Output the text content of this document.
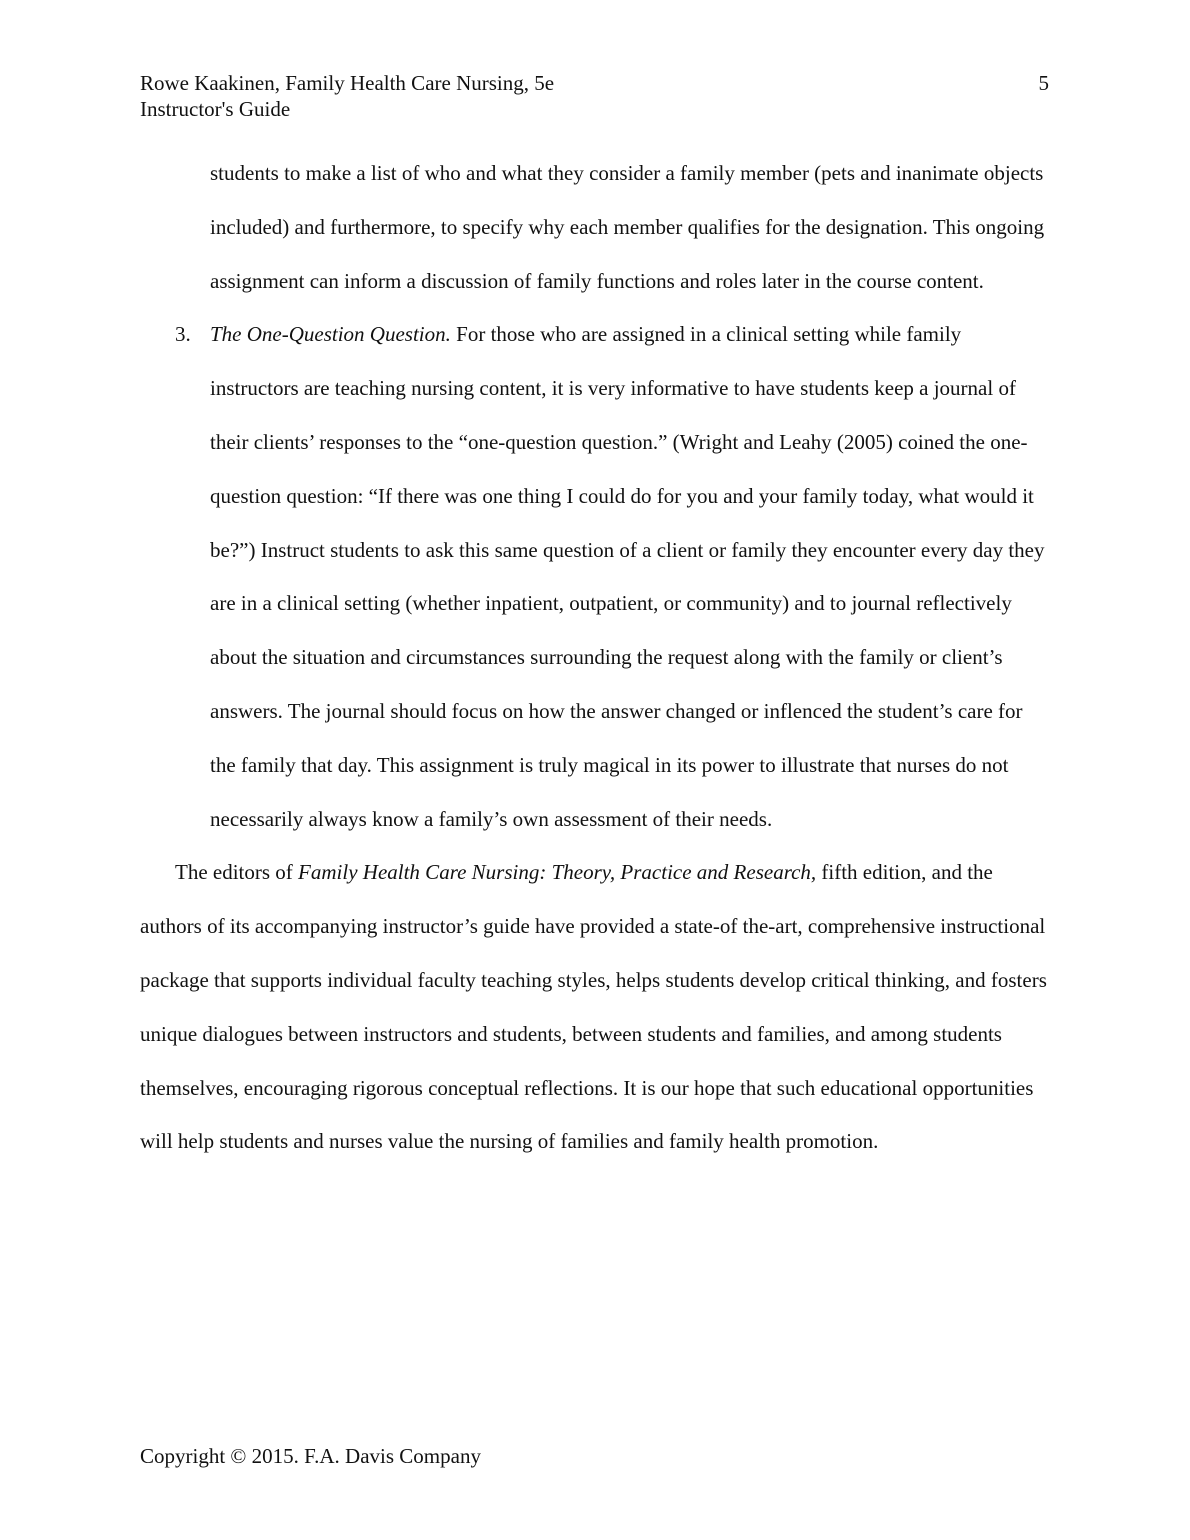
Rowe Kaakinen, Family Health Care Nursing, 5e
Instructor's Guide
5

students to make a list of who and what they consider a family member (pets and inanimate objects included) and furthermore, to specify why each member qualifies for the designation. This ongoing assignment can inform a discussion of family functions and roles later in the course content.

3. The One-Question Question. For those who are assigned in a clinical setting while family instructors are teaching nursing content, it is very informative to have students keep a journal of their clients’ responses to the “one-question question.” (Wright and Leahy (2005) coined the one-question question: “If there was one thing I could do for you and your family today, what would it be?”) Instruct students to ask this same question of a client or family they encounter every day they are in a clinical setting (whether inpatient, outpatient, or community) and to journal reflectively about the situation and circumstances surrounding the request along with the family or client’s answers. The journal should focus on how the answer changed or inflenced the student’s care for the family that day. This assignment is truly magical in its power to illustrate that nurses do not necessarily always know a family’s own assessment of their needs.

The editors of Family Health Care Nursing: Theory, Practice and Research, fifth edition, and the authors of its accompanying instructor’s guide have provided a state-of the-art, comprehensive instructional package that supports individual faculty teaching styles, helps students develop critical thinking, and fosters unique dialogues between instructors and students, between students and families, and among students themselves, encouraging rigorous conceptual reflections. It is our hope that such educational opportunities will help students and nurses value the nursing of families and family health promotion.

Copyright © 2015. F.A. Davis Company
